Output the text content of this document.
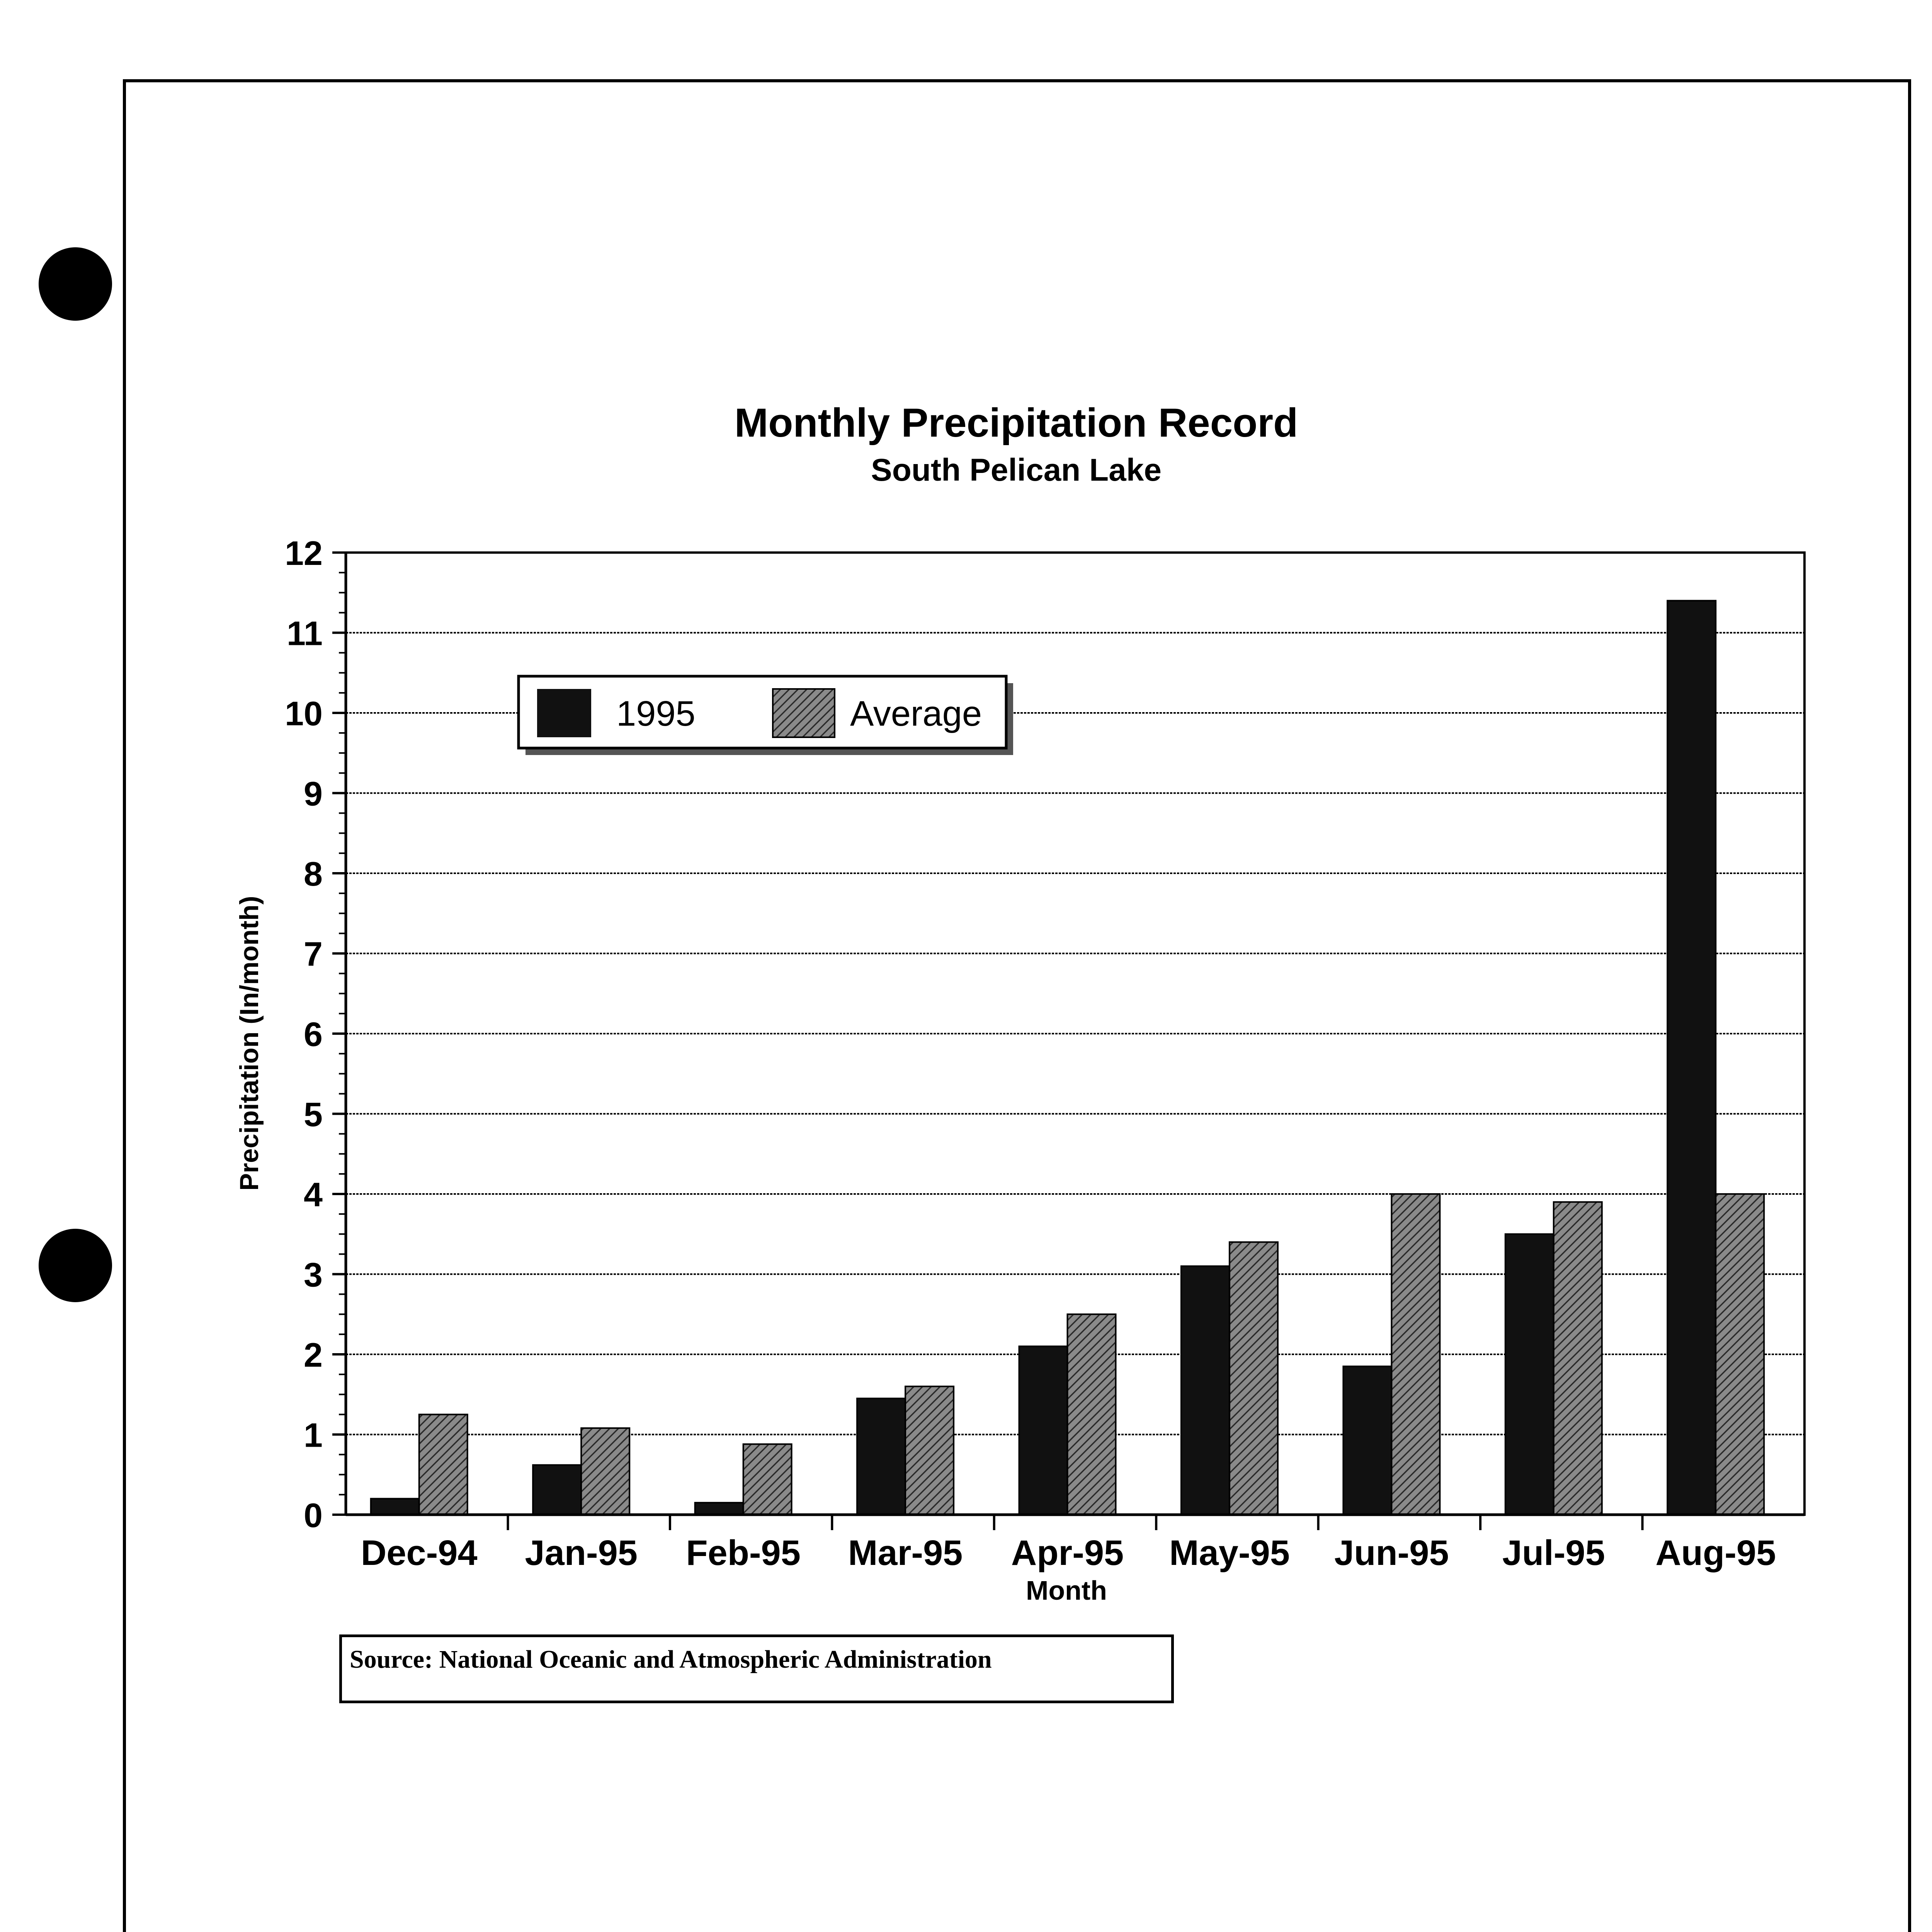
Monthly Precipitation Record
South Pelican Lake
0
1
2
3
4
5
6
7
8
9
10
11
12
Dec-94 Jan-95 Feb-95 Mar-95 Apr-95 May-95 Jun-95 Jul-95 Aug-95
1995	Average
Precipitation (In/month)
Month
Source: National Oceanic and Atmospheric Administration
